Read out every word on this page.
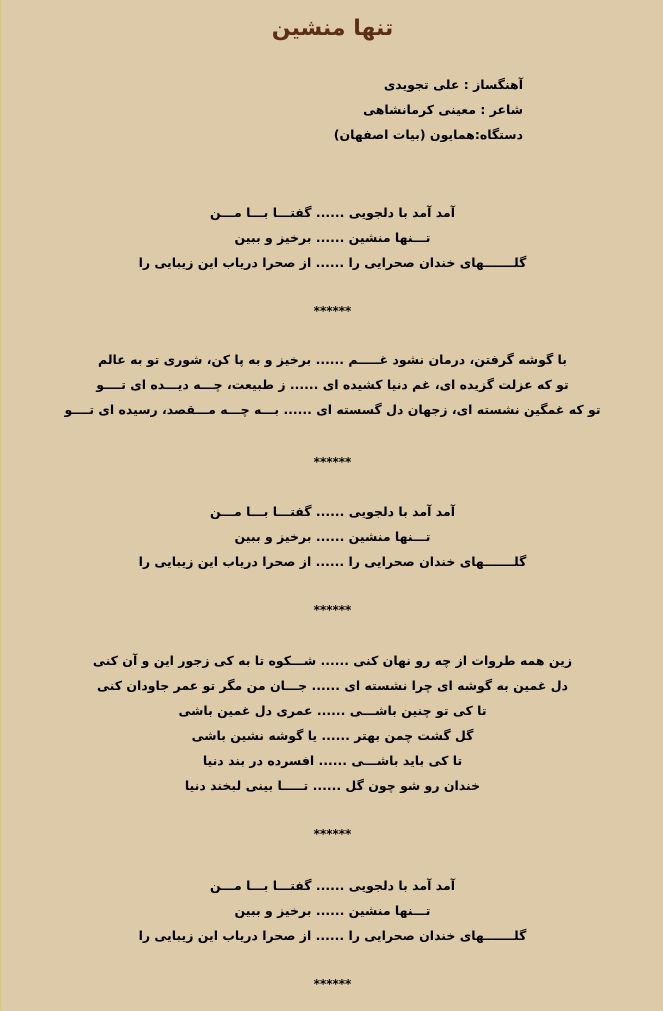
تنها منشین
آهنگساز : علی تجویدی
شاعر : معینی کرمانشاهی
دستگاه:همایون (بیات اصفهان)
آمد آمد با دلجویی ...... گفتـــا بـــا مـــن
تـــنها منشین ...... برخیز و ببین
گلـــــــهای خندان صحرایی را ...... از صحرا دریاب این زیبایی را
******
با گوشه گرفتن، درمان نشود غـــــم ...... برخیز و به پا کن، شوری تو به عالم
تو که عزلت گزیده ای، غم دنیا کشیده ای ...... ز طبیعت، چـــه دیـــده ای تــــو
تو که غمگین نشسته ای، زجهان دل گسسته ای ...... بـــه چـــه مـــقصد، رسیده ای تــــو
******
آمد آمد با دلجویی ...... گفتـــا بـــا مـــن
تـــنها منشین ...... برخیز و ببین
گلـــــــهای خندان صحرایی را ...... از صحرا دریاب این زیبایی را
******
زین همه طروات از چه رو نهان کنی ...... شـــکوه تا به کی زجور این و آن کنی
دل غمین به گوشه ای چرا نشسته ای ...... جـــان من مگر تو عمر جاودان کنی
تا کی تو چنین باشـــی ...... عمری دل غمین باشی
گل گشت چمن بهتر ...... یا گوشه نشین باشی
تا کی باید باشـــی ...... افسرده در بند دنیا
خندان رو شو چون گل ...... تـــــا بینی لبخند دنیا
******
آمد آمد با دلجویی ...... گفتـــا بـــا مـــن
تـــنها منشین ...... برخیز و ببین
گلـــــــهای خندان صحرایی را ...... از صحرا دریاب این زیبایی را
******
